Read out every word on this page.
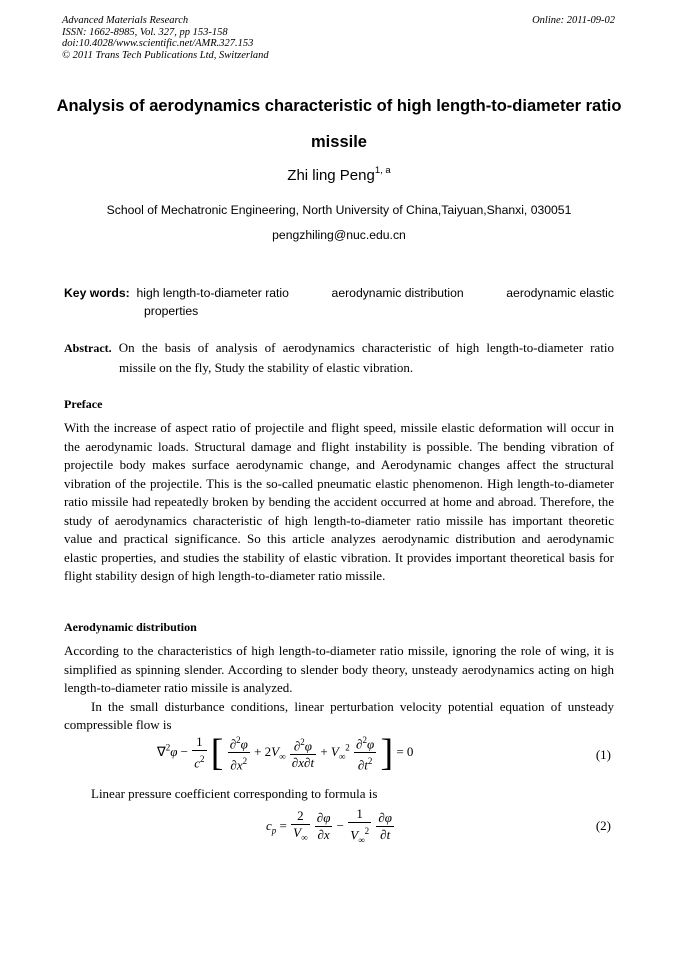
Advanced Materials Research
ISSN: 1662-8985, Vol. 327, pp 153-158
doi:10.4028/www.scientific.net/AMR.327.153
© 2011 Trans Tech Publications Ltd, Switzerland
Online: 2011-09-02
Analysis of aerodynamics characteristic of high length-to-diameter ratio
missile
Zhi ling Peng$^{1, a}$
School of Mechatronic Engineering, North University of China,Taiyuan,Shanxi, 030051
pengzhiling@nuc.edu.cn
Key words: high length-to-diameter ratio	aerodynamic distribution	aerodynamic elastic
properties
Abstract. On the basis of analysis of aerodynamics characteristic of high length-to-diameter ratio
missile on the fly, Study the stability of elastic vibration.
Preface

With the increase of aspect ratio of projectile and flight speed, missile elastic deformation will occur in the aerodynamic loads. Structural damage and flight instability is possible. The bending vibration of projectile body makes surface aerodynamic change, and Aerodynamic changes affect the structural vibration of the projectile. This is the so-called pneumatic elastic phenomenon. High length-to-diameter ratio missile had repeatedly broken by bending the accident occurred at home and abroad. Therefore, the study of aerodynamics characteristic of high length-to-diameter ratio missile has important theoretic value and practical significance. So this article analyzes aerodynamic distribution and aerodynamic elastic properties, and studies the stability of elastic vibration. It provides important theoretical basis for flight stability design of high length-to-diameter ratio missile.

Aerodynamic distribution

According to the characteristics of high length-to-diameter ratio missile, ignoring the role of wing, it is simplified as spinning slender. According to slender body theory, unsteady aerodynamics acting on high length-to-diameter ratio missile is analyzed.

In the small disturbance conditions, linear perturbation velocity potential equation of unsteady compressible flow is

$\nabla^2\varphi - \frac{1}{c^2}$ [ $\frac{\partial^2\varphi}{\partial x^2} + 2V_\infty \frac{\partial^2\varphi}{\partial x\partial t} + V_\infty^2 \frac{\partial^2\varphi}{\partial t^2}$ ] = 0	(1)
Linear pressure coefficient corresponding to formula is
$c_p = \frac{2}{V_\infty}$
$\frac{\partial\varphi}{\partial x} - \frac{1}{V_\infty^2}$
$\frac{\partial\varphi}{\partial t}$	(2)
